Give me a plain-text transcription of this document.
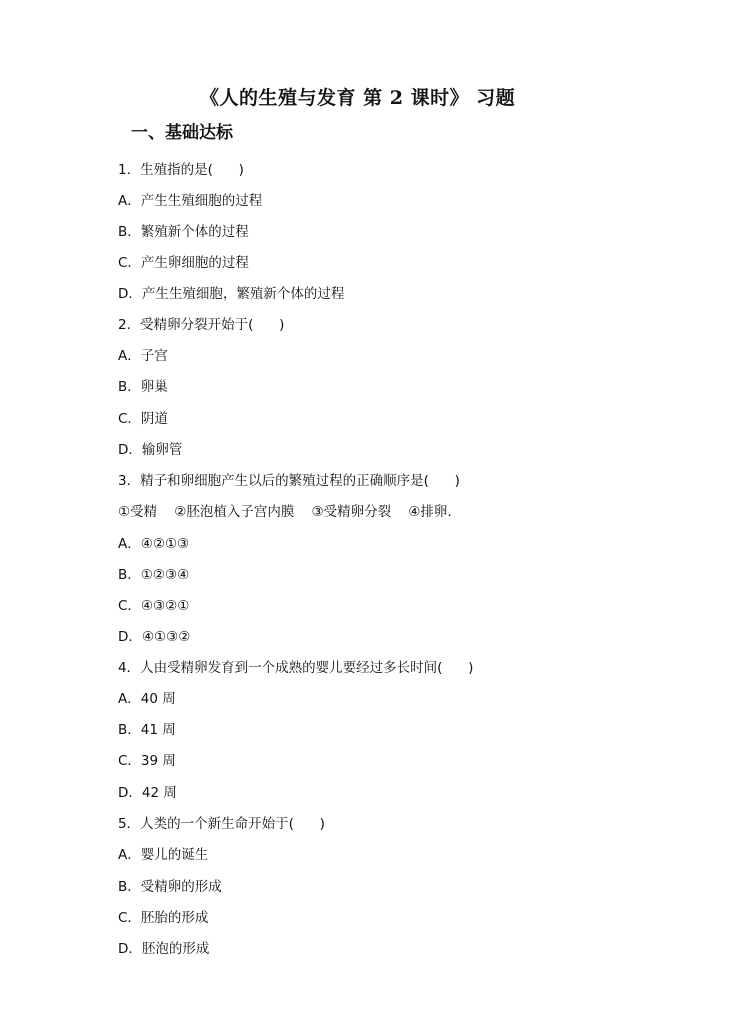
《人的生殖与发育 第 2 课时》 习题
一、基础达标
1．生殖指的是(      )
A．产生生殖细胞的过程
B．繁殖新个体的过程
C．产生卵细胞的过程
D．产生生殖细胞，繁殖新个体的过程
2．受精卵分裂开始于(      )
A．子宫
B．卵巢
C．阴道
D．输卵管
3．精子和卵细胞产生以后的繁殖过程的正确顺序是(      )
①受精    ②胚泡植入子宫内膜    ③受精卵分裂    ④排卵.
A．④②①③
B．①②③④
C．④③②①
D．④①③②
4．人由受精卵发育到一个成熟的婴儿要经过多长时间(      )
A．40 周
B．41 周
C．39 周
D．42 周
5．人类的一个新生命开始于(      )
A．婴儿的诞生
B．受精卵的形成
C．胚胎的形成
D．胚泡的形成
